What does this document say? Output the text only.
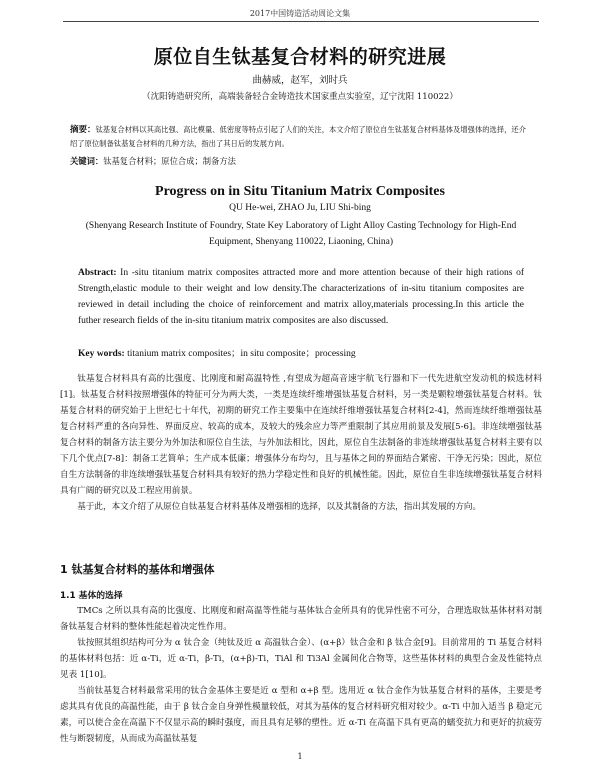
2017中国铸造活动周论文集
原位自生钛基复合材料的研究进展
曲赫威，赵军，刘时兵
（沈阳铸造研究所，高端装备轻合金铸造技术国家重点实验室，辽宁沈阳 110022）
摘要：钛基复合材料以其高比强、高比模量、低密度等特点引起了人们的关注，本文介绍了原位自生钛基复合材料基体及增强体的选择，还介绍了原位制备钛基复合材料的几种方法，指出了其日后的发展方向。
关键词：钛基复合材料；原位合成；制备方法
Progress on in Situ Titanium Matrix Composites
QU He-wei, ZHAO Ju, LIU Shi-bing
(Shenyang Research Institute of Foundry, State Key Laboratory of Light Alloy Casting Technology for High-End Equipment, Shenyang 110022, Liaoning, China)
Abstract: In -situ titanium matrix composites attracted more and more attention because of their high rations of Strength,elastic module to their weight and low density.The characterizations of in-situ titanium composites are reviewed in detail including the choice of reinforcement and matrix alloy,materials processing.In this article the futher research fields of the in-situ titanium matrix composites are also discussed.
Key words: titanium matrix composites；in situ composite；processing

钛基复合材料具有高的比强度、比刚度和耐高温特性 ,有望成为超高音速宇航飞行器和下一代先进航空发动机的候选材料[1]。钛基复合材料按照增强体的特征可分为两大类，一类是连续纤维增强钛基复合材料，另一类是颗粒增强钛基复合材料。钛基复合材料的研究始于上世纪七十年代，初期的研究工作主要集中在连续纤维增强钛基复合材料[2-4]，然而连续纤维增强钛基复合材料严重的各向异性、界面反应、较高的成本，及较大的残余应力等严重限制了其应用前景及发展[5-6]。非连续增强钛基复合材料的制备方法主要分为外加法和原位自生法，与外加法相比，因此，原位自生法制备的非连续增强钛基复合材料主要有以下几个优点[7-8]：制备工艺简单；生产成本低廉；增强体分布均匀，且与基体之间的界面结合紧密、干净无污染；因此，原位自生方法制备的非连续增强钛基复合材料具有较好的热力学稳定性和良好的机械性能。因此，原位自生非连续增强钛基复合材料具有广阔的研究以及工程应用前景。

基于此，本文介绍了从原位自钛基复合材料基体及增强相的选择，以及其制备的方法，指出其发展的方向。

1 钛基复合材料的基体和增强体
1.1 基体的选择

TMCs 之所以具有高的比强度、比刚度和耐高温等性能与基体钛合金所具有的优异性密不可分，合理选取钛基体材料对制备钛基复合材料的整体性能起着决定性作用。

钛按照其组织结构可分为 α 钛合金（纯钛及近 α 高温钛合金）、(α+β）钛合金和 β 钛合金[9]。目前常用的 Ti 基复合材料的基体材料包括：近 α-Ti，近 α-Ti，β-Ti，(α+β)-Ti，TiAl 和 Ti3Al 金属间化合物等，这些基体材料的典型合金及性能特点见表 1[10]。

当前钛基复合材料最常采用的钛合金基体主要是近 α 型和 α+β 型。选用近 α 钛合金作为钛基复合材料的基体，主要是考虑其具有优良的高温性能，由于 β 钛合金自身弹性模量较低，对其为基体的复合材料研究相对较少。α-Ti 中加入适当 β 稳定元素，可以使合金在高温下不仅显示高的瞬时强度，而且具有足够的塑性。近 α-Ti 在高温下具有更高的蠕变抗力和更好的抗疲劳性与断裂韧度，从而成为高温钛基复

1
